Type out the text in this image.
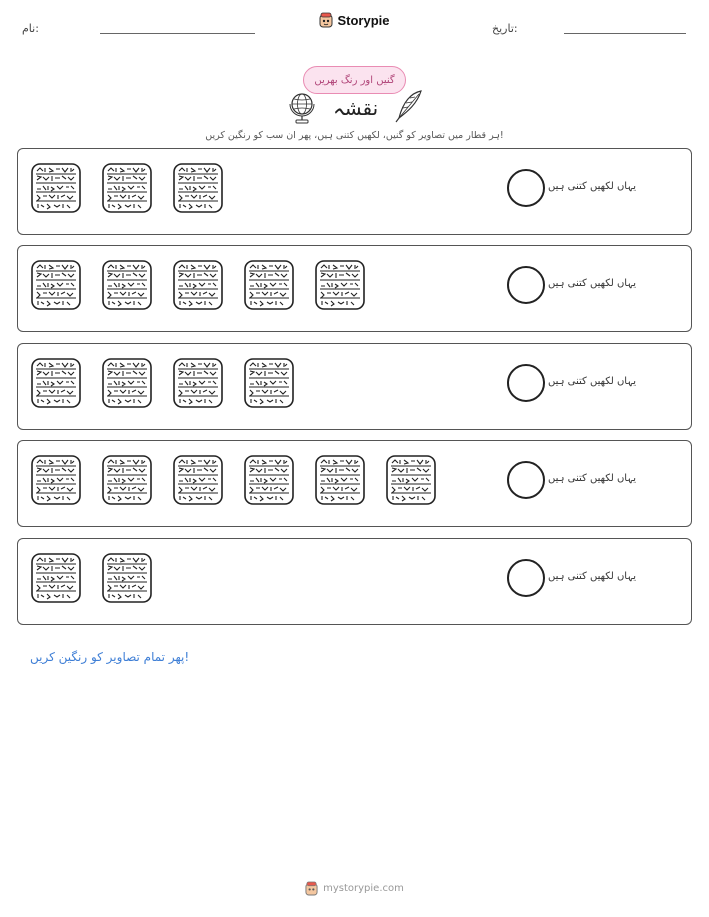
نام:
Storypie
تاریخ:
گنیں اور رنگ بھریں
نقشہ
ہر قطار میں تصاویر کو گنیں، لکھیں کتنی ہیں، پھر ان سب کو رنگین کریں!
یہاں لکھیں کتنی ہیں
یہاں لکھیں کتنی ہیں
یہاں لکھیں کتنی ہیں
یہاں لکھیں کتنی ہیں
یہاں لکھیں کتنی ہیں
پھر تمام تصاویر کو رنگین کریں!
mystorypie.com
